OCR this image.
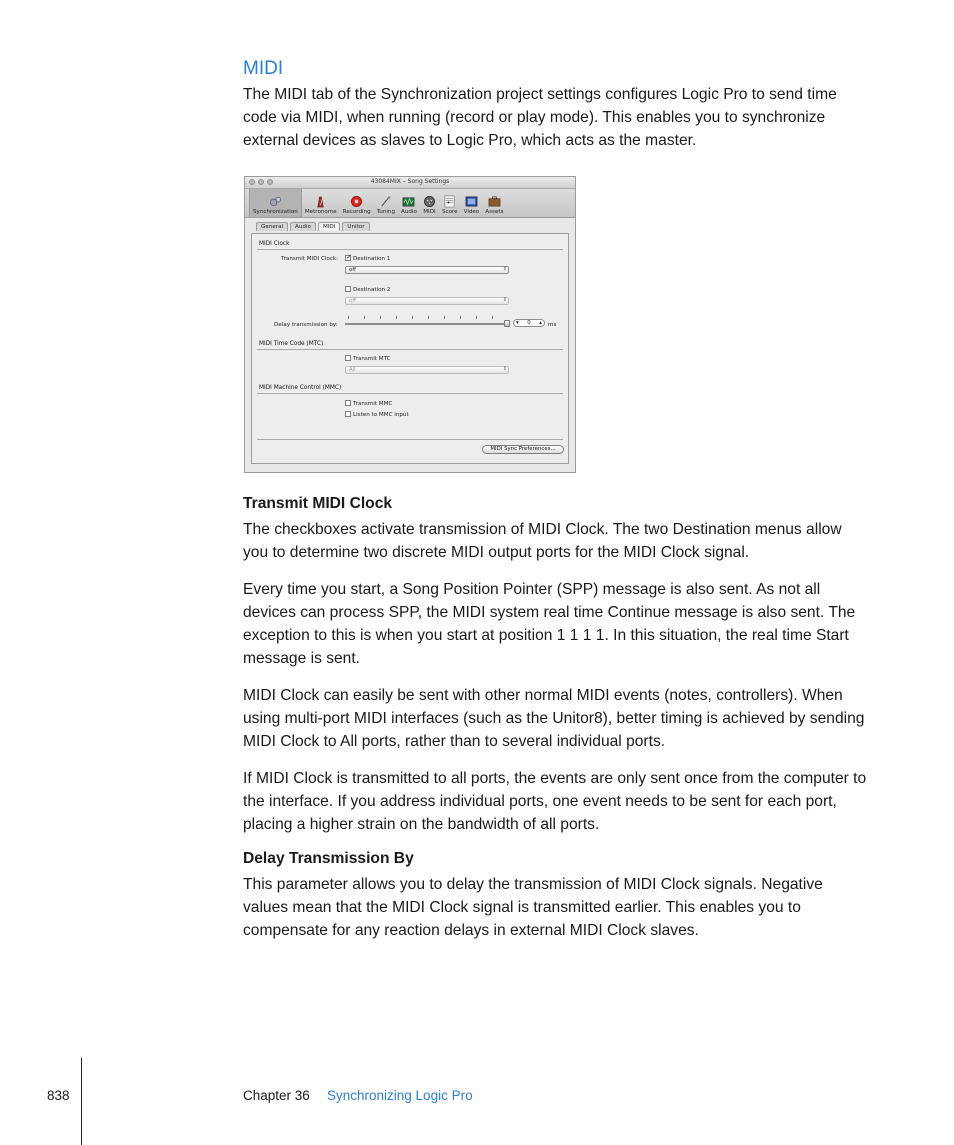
MIDI

The MIDI tab of the Synchronization project settings configures Logic Pro to send time code via MIDI, when running (record or play mode). This enables you to synchronize external devices as slaves to Logic Pro, which acts as the master.

43084MIX – Song Settings
Synchronization Metronome Recording Tuning Audio MIDI Score Video Assets
General	Audio	MIDI	Unitor
MIDI Clock
Transmit MIDI Clock:
✓	Destination 1
off	⇕
Destination 2
off	⇕
Delay transmission by:	▾ 0 ▴	ms
MIDI Time Code (MTC)
Transmit MTC
All	⇕
MIDI Machine Control (MMC)
Transmit MMC
Listen to MMC input
MIDI Sync Preferences...
Transmit MIDI Clock

The checkboxes activate transmission of MIDI Clock. The two Destination menus allow you to determine two discrete MIDI output ports for the MIDI Clock signal.

Every time you start, a Song Position Pointer (SPP) message is also sent. As not all devices can process SPP, the MIDI system real time Continue message is also sent. The exception to this is when you start at position 1 1 1 1. In this situation, the real time Start message is sent.

MIDI Clock can easily be sent with other normal MIDI events (notes, controllers). When using multi-port MIDI interfaces (such as the Unitor8), better timing is achieved by sending MIDI Clock to All ports, rather than to several individual ports.

If MIDI Clock is transmitted to all ports, the events are only sent once from the computer to the interface. If you address individual ports, one event needs to be sent for each port, placing a higher strain on the bandwidth of all ports.

Delay Transmission By

This parameter allows you to delay the transmission of MIDI Clock signals. Negative values mean that the MIDI Clock signal is transmitted earlier. This enables you to compensate for any reaction delays in external MIDI Clock slaves.

838	Chapter 36 Synchronizing Logic Pro
